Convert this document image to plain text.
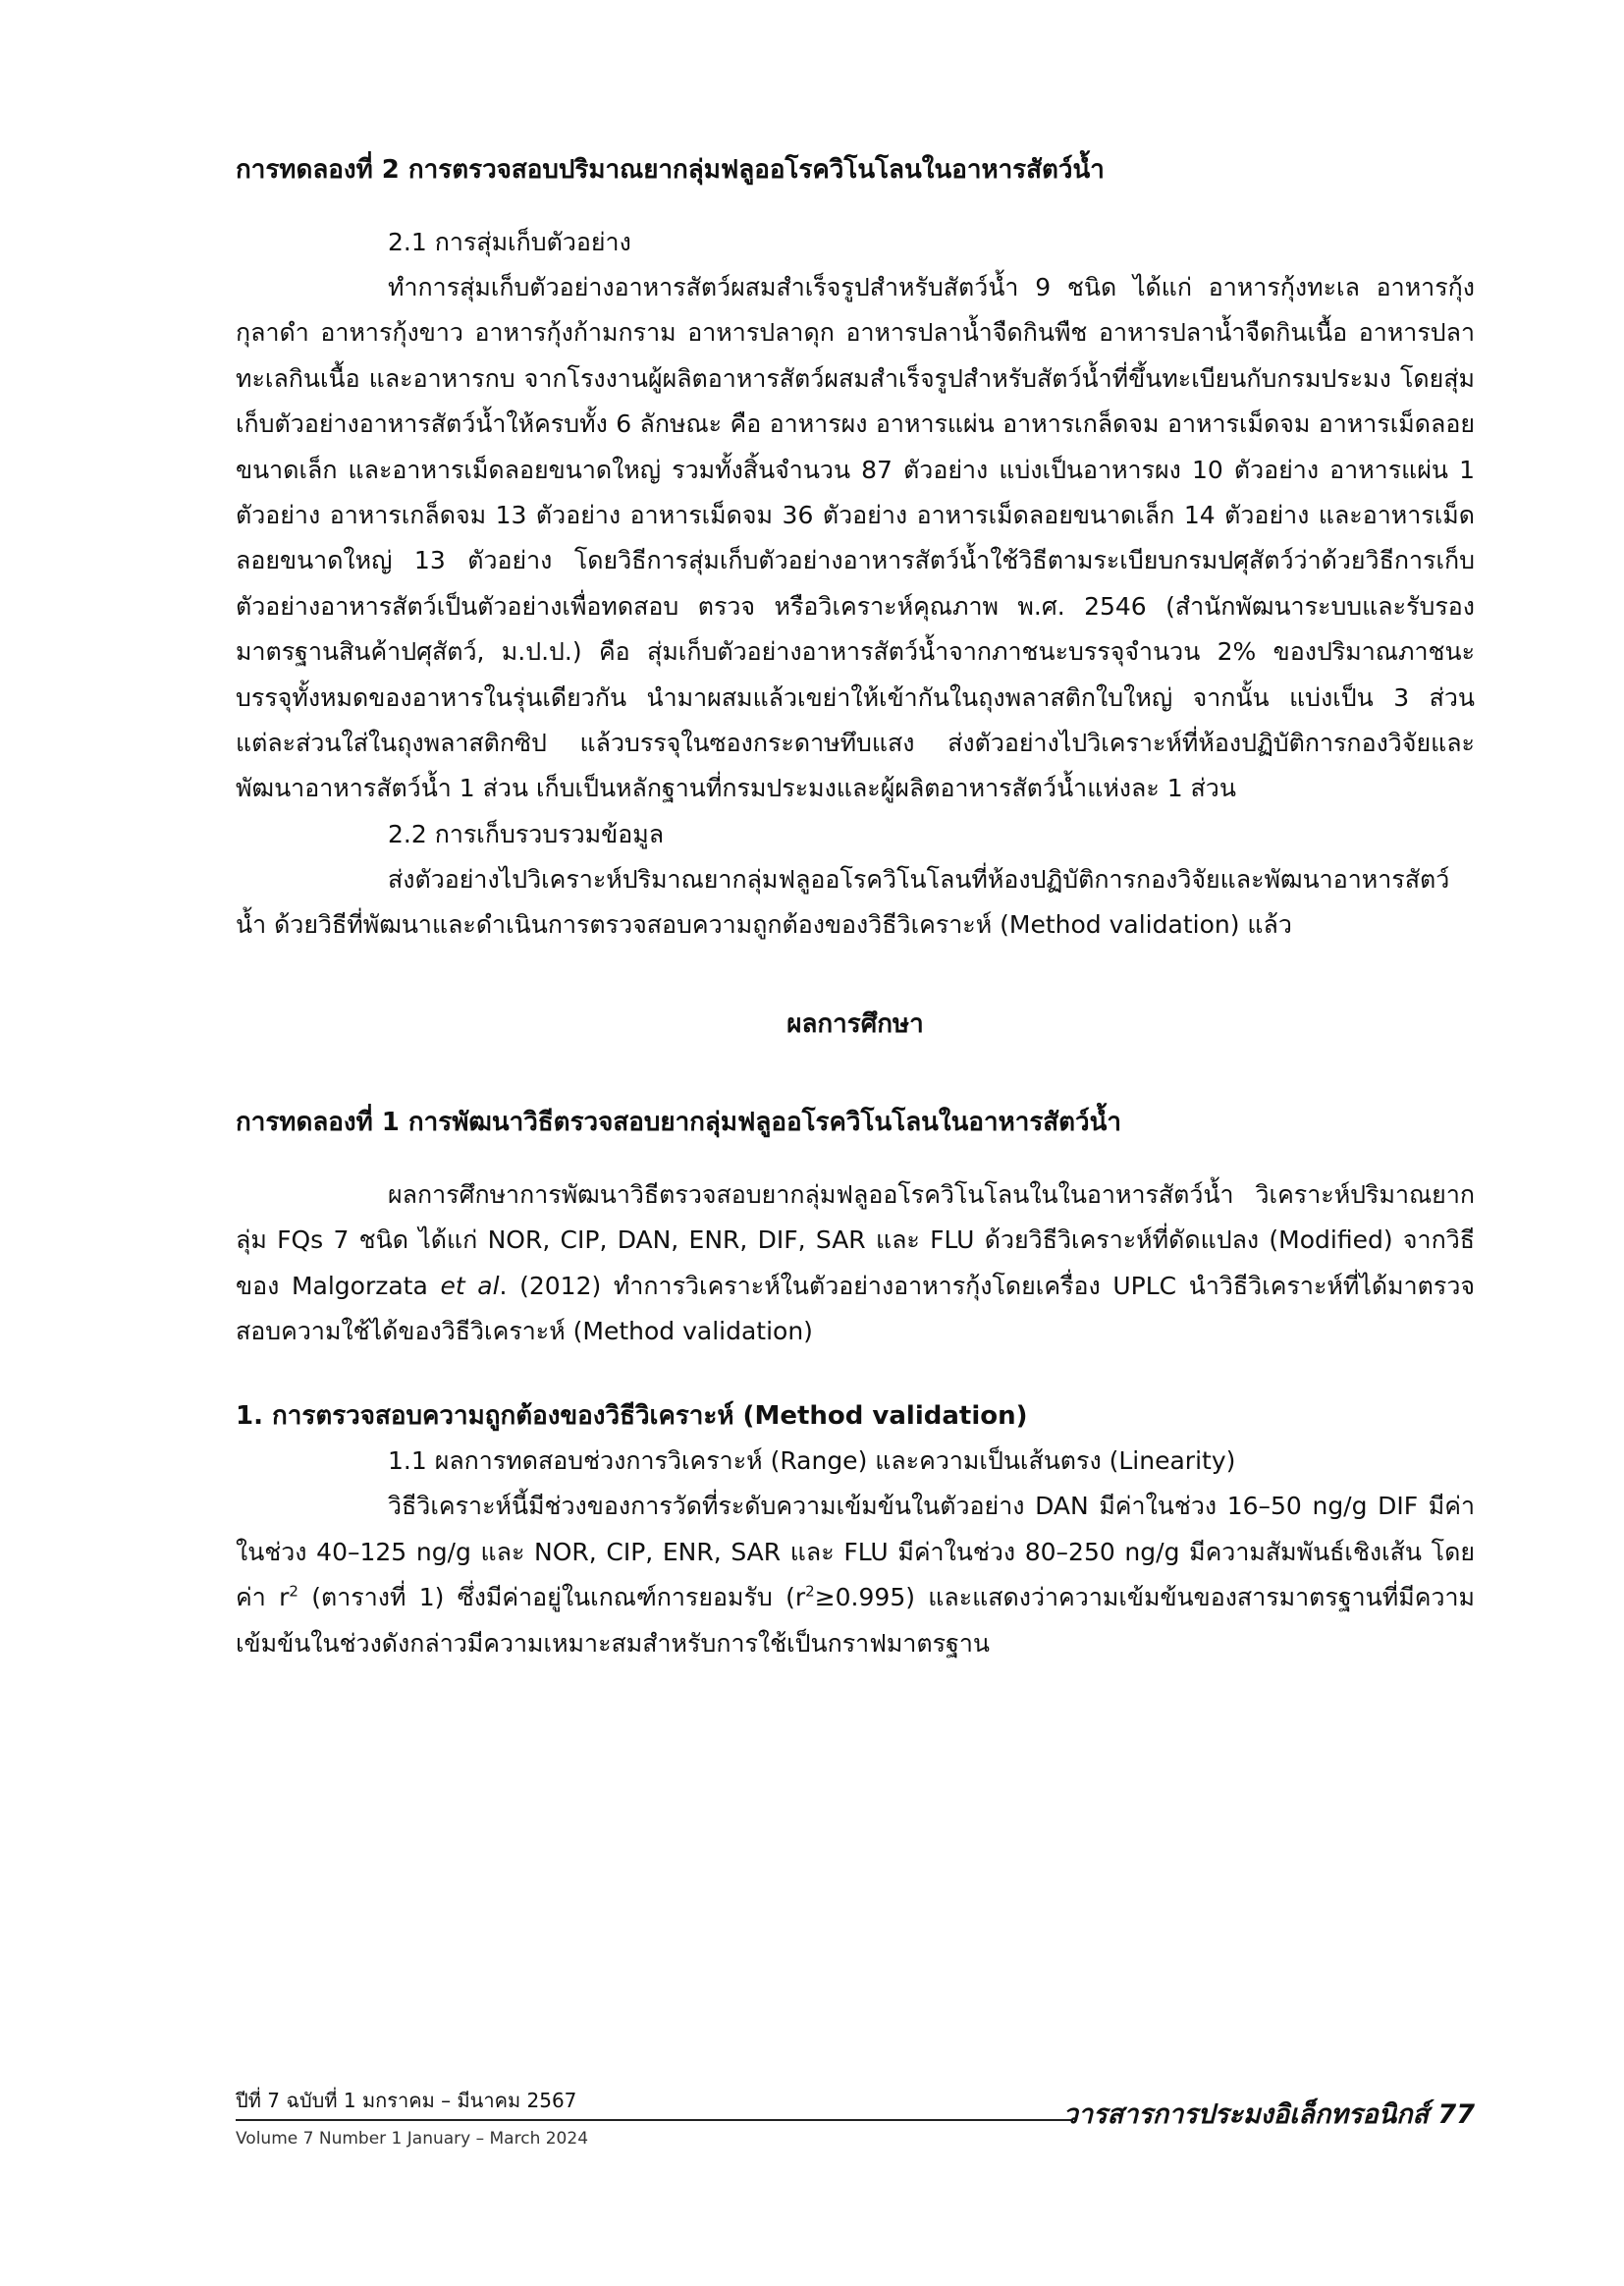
การทดลองที่ 2 การตรวจสอบปริมาณยากลุ่มฟลูออโรควิโนโลนในอาหารสัตว์น้ำ

2.1 การสุ่มเก็บตัวอย่าง

ทำการสุ่มเก็บตัวอย่างอาหารสัตว์ผสมสำเร็จรูปสำหรับสัตว์น้ำ 9 ชนิด ได้แก่ อาหารกุ้งทะเล อาหารกุ้งกุลาดำ อาหารกุ้งขาว อาหารกุ้งก้ามกราม อาหารปลาดุก อาหารปลาน้ำจืดกินพืช อาหารปลาน้ำจืดกินเนื้อ อาหารปลาทะเลกินเนื้อ และอาหารกบ จากโรงงานผู้ผลิตอาหารสัตว์ผสมสำเร็จรูปสำหรับสัตว์น้ำที่ขึ้นทะเบียนกับกรมประมง โดยสุ่มเก็บตัวอย่างอาหารสัตว์น้ำให้ครบทั้ง 6 ลักษณะ คือ อาหารผง อาหารแผ่น อาหารเกล็ดจม อาหารเม็ดจม อาหารเม็ดลอยขนาดเล็ก และอาหารเม็ดลอยขนาดใหญ่ รวมทั้งสิ้นจำนวน 87 ตัวอย่าง แบ่งเป็นอาหารผง 10 ตัวอย่าง อาหารแผ่น 1 ตัวอย่าง อาหารเกล็ดจม 13 ตัวอย่าง อาหารเม็ดจม 36 ตัวอย่าง อาหารเม็ดลอยขนาดเล็ก 14 ตัวอย่าง และอาหารเม็ดลอยขนาดใหญ่ 13 ตัวอย่าง โดยวิธีการสุ่มเก็บตัวอย่างอาหารสัตว์น้ำใช้วิธีตามระเบียบกรมปศุสัตว์ว่าด้วยวิธีการเก็บตัวอย่างอาหารสัตว์เป็นตัวอย่างเพื่อทดสอบ ตรวจ หรือวิเคราะห์คุณภาพ พ.ศ. 2546 (สำนักพัฒนาระบบและรับรองมาตรฐานสินค้าปศุสัตว์, ม.ป.ป.) คือ สุ่มเก็บตัวอย่างอาหารสัตว์น้ำจากภาชนะบรรจุจำนวน 2% ของปริมาณภาชนะบรรจุทั้งหมดของอาหารในรุ่นเดียวกัน นำมาผสมแล้วเขย่าให้เข้ากันในถุงพลาสติกใบใหญ่ จากนั้น แบ่งเป็น 3 ส่วน แต่ละส่วนใส่ในถุงพลาสติกซิป แล้วบรรจุในซองกระดาษทึบแสง ส่งตัวอย่างไปวิเคราะห์ที่ห้องปฏิบัติการกองวิจัยและพัฒนาอาหารสัตว์น้ำ 1 ส่วน เก็บเป็นหลักฐานที่กรมประมงและผู้ผลิตอาหารสัตว์น้ำแห่งละ 1 ส่วน

2.2 การเก็บรวบรวมข้อมูล

ส่งตัวอย่างไปวิเคราะห์ปริมาณยากลุ่มฟลูออโรควิโนโลนที่ห้องปฏิบัติการกองวิจัยและพัฒนาอาหารสัตว์น้ำ ด้วยวิธีที่พัฒนาและดำเนินการตรวจสอบความถูกต้องของวิธีวิเคราะห์ (Method validation) แล้ว

ผลการศึกษา

การทดลองที่ 1 การพัฒนาวิธีตรวจสอบยากลุ่มฟลูออโรควิโนโลนในอาหารสัตว์น้ำ

ผลการศึกษาการพัฒนาวิธีตรวจสอบยากลุ่มฟลูออโรควิโนโลนในในอาหารสัตว์น้ำ วิเคราะห์ปริมาณยากลุ่ม FQs 7 ชนิด ได้แก่ NOR, CIP, DAN, ENR, DIF, SAR และ FLU ด้วยวิธีวิเคราะห์ที่ดัดแปลง (Modified) จากวิธีของ Malgorzata et al. (2012) ทำการวิเคราะห์ในตัวอย่างอาหารกุ้งโดยเครื่อง UPLC นำวิธีวิเคราะห์ที่ได้มาตรวจสอบความใช้ได้ของวิธีวิเคราะห์ (Method validation)

1. การตรวจสอบความถูกต้องของวิธีวิเคราะห์ (Method validation)

1.1 ผลการทดสอบช่วงการวิเคราะห์ (Range) และความเป็นเส้นตรง (Linearity)

วิธีวิเคราะห์นี้มีช่วงของการวัดที่ระดับความเข้มข้นในตัวอย่าง DAN มีค่าในช่วง 16–50 ng/g DIF มีค่าในช่วง 40–125 ng/g และ NOR, CIP, ENR, SAR และ FLU มีค่าในช่วง 80–250 ng/g มีความสัมพันธ์เชิงเส้น โดยค่า $r^2$ (ตารางที่ 1) ซึ่งมีค่าอยู่ในเกณฑ์การยอมรับ $(r^2\ge 0.995)$ และแสดงว่าความเข้มข้นของสารมาตรฐานที่มีความเข้มข้นในช่วงดังกล่าวมีความเหมาะสมสำหรับการใช้เป็นกราฟมาตรฐาน

ปีที่ 7 ฉบับที่ 1 มกราคม – มีนาคม 2567
Volume 7 Number 1 January – March 2024
วารสารการประมงอิเล็กทรอนิกส์ 77
